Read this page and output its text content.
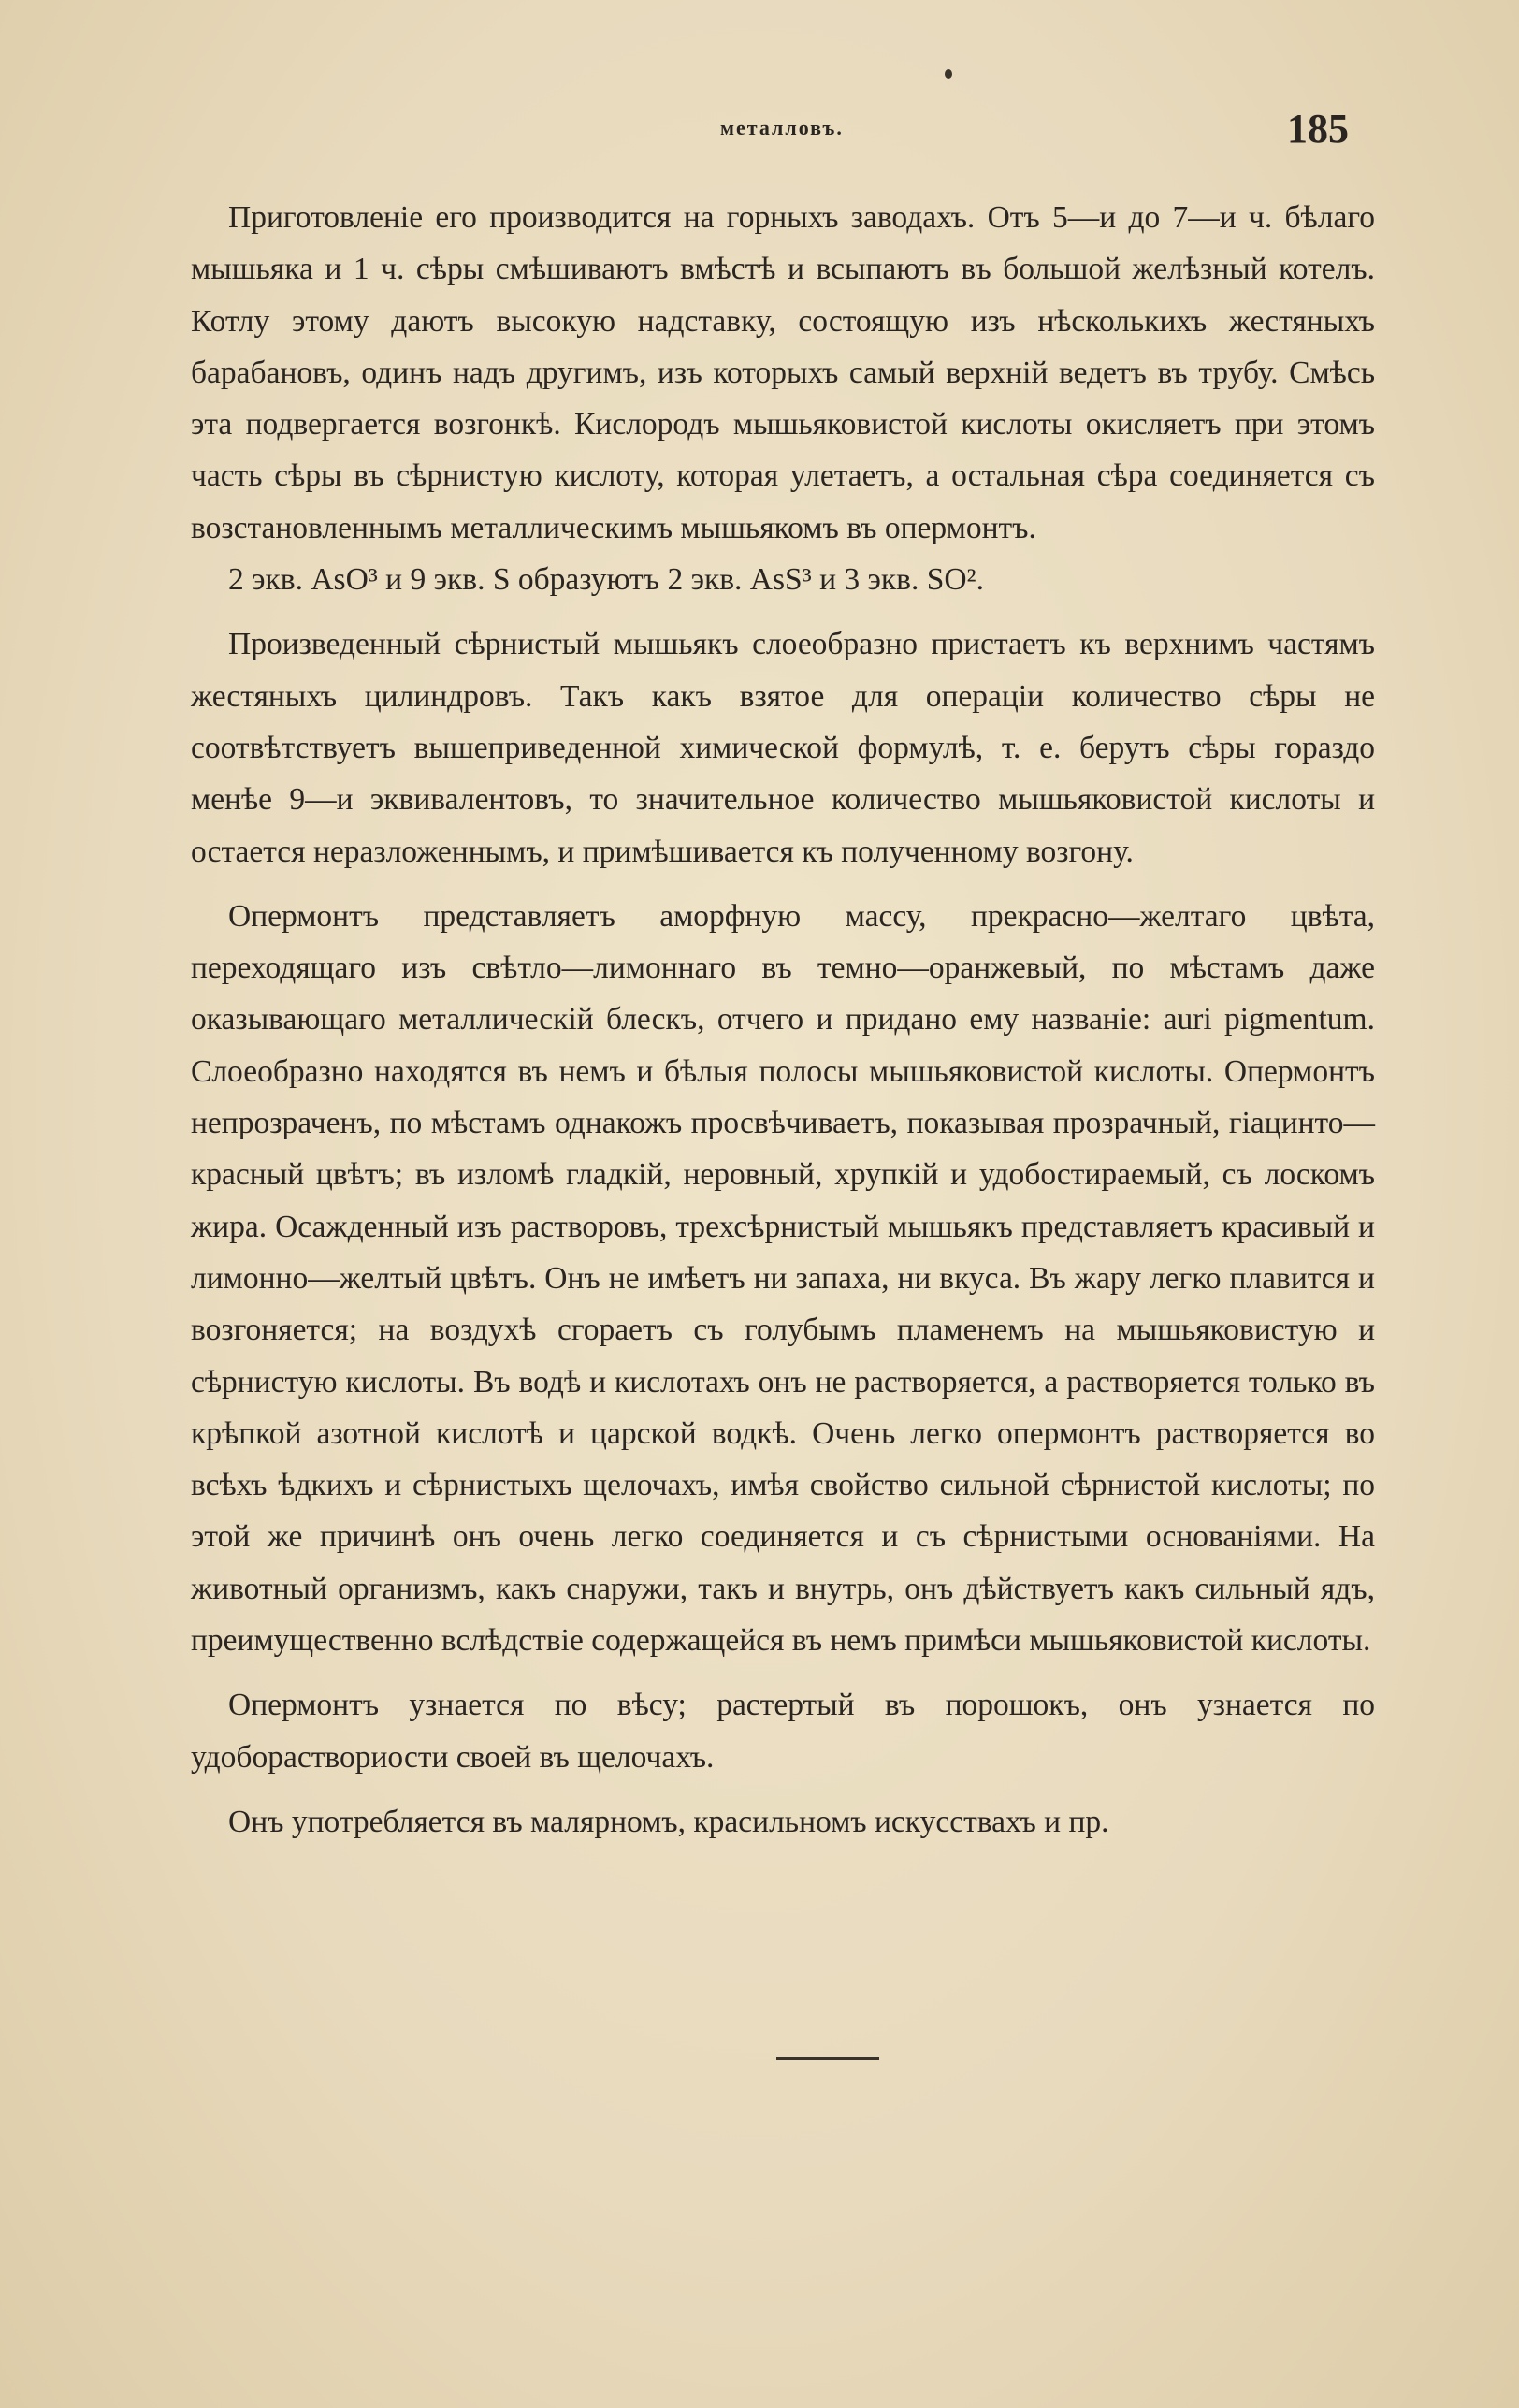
металловъ.	185

Приготовленіе его производится на горныхъ заводахъ. Отъ 5—и до 7—и ч. бѣлаго мышьяка и 1 ч. сѣры смѣшиваютъ вмѣстѣ и всыпаютъ въ большой желѣзный котелъ. Котлу этому даютъ высокую надставку, состоящую изъ нѣсколькихъ жестяныхъ барабановъ, одинъ надъ другимъ, изъ которыхъ самый верхній ведетъ въ трубу. Смѣсь эта подвергается возгонкѣ. Кислородъ мышьяковистой кислоты окисляетъ при этомъ часть сѣры въ сѣрнистую кислоту, которая улетаетъ, а остальная сѣра соединяется съ возстановленнымъ металлическимъ мышьякомъ въ опермонтъ.

2 экв. AsO³ и 9 экв. S образуютъ 2 экв. AsS³ и 3 экв. SO².

Произведенный сѣрнистый мышьякъ слоеобразно пристаетъ къ верхнимъ частямъ жестяныхъ цилиндровъ. Такъ какъ взятое для операціи количество сѣры не соотвѣтствуетъ вышеприведенной химической формулѣ, т. е. берутъ сѣры гораздо менѣе 9—и эквивалентовъ, то значительное количество мышьяковистой кислоты и остается неразложеннымъ, и примѣшивается къ полученному возгону.

Опермонтъ представляетъ аморфную массу, прекрасно—желтаго цвѣта, переходящаго изъ свѣтло—лимоннаго въ темно—оранжевый, по мѣстамъ даже оказывающаго металлическій блескъ, отчего и придано ему названіе: auri pigmentum. Слоеобразно находятся въ немъ и бѣлыя полосы мышьяковистой кислоты. Опермонтъ непрозраченъ, по мѣстамъ однакожъ просвѣчиваетъ, показывая прозрачный, гіацинто—красный цвѣтъ; въ изломѣ гладкій, неровный, хрупкій и удобостираемый, съ лоскомъ жира. Осажденный изъ растворовъ, трехсѣрнистый мышьякъ представляетъ красивый и лимонно—желтый цвѣтъ. Онъ не имѣетъ ни запаха, ни вкуса. Въ жару легко плавится и возгоняется; на воздухѣ сгораетъ съ голубымъ пламенемъ на мышьяковистую и сѣрнистую кислоты. Въ водѣ и кислотахъ онъ не растворяется, а растворяется только въ крѣпкой азотной кислотѣ и царской водкѣ. Очень легко опермонтъ растворяется во всѣхъ ѣдкихъ и сѣрнистыхъ щелочахъ, имѣя свойство сильной сѣрнистой кислоты; по этой же причинѣ онъ очень легко соединяется и съ сѣрнистыми основаніями. На животный организмъ, какъ снаружи, такъ и внутрь, онъ дѣйствуетъ какъ сильный ядъ, преимущественно вслѣдствіе содержащейся въ немъ примѣси мышьяковистой кислоты.

Опермонтъ узнается по вѣсу; растертый въ порошокъ, онъ узнается по удобораствориости своей въ щелочахъ.

Онъ употребляется въ малярномъ, красильномъ искусствахъ и пр.
